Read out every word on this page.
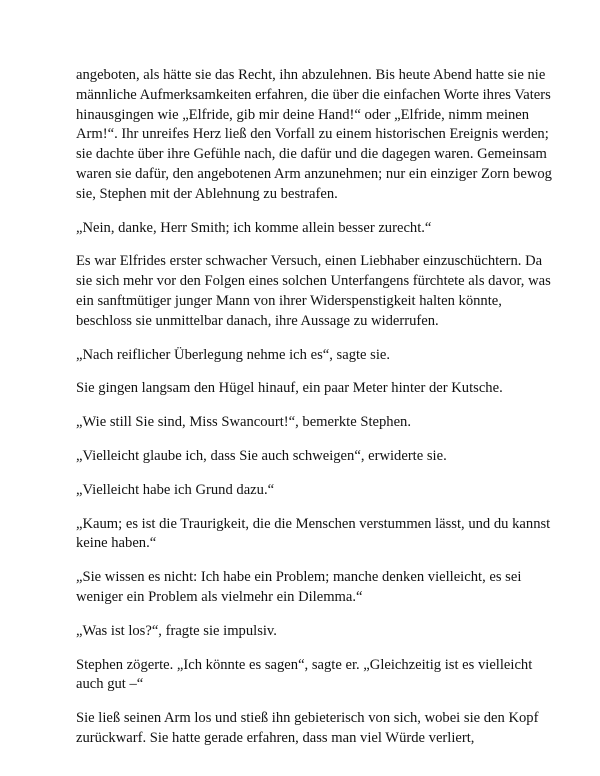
angeboten, als hätte sie das Recht, ihn abzulehnen. Bis heute Abend hatte sie nie männliche Aufmerksamkeiten erfahren, die über die einfachen Worte ihres Vaters hinausgingen wie „Elfride, gib mir deine Hand!“ oder „Elfride, nimm meinen Arm!“. Ihr unreifes Herz ließ den Vorfall zu einem historischen Ereignis werden; sie dachte über ihre Gefühle nach, die dafür und die dagegen waren. Gemeinsam waren sie dafür, den angebotenen Arm anzunehmen; nur ein einziger Zorn bewog sie, Stephen mit der Ablehnung zu bestrafen.

„Nein, danke, Herr Smith; ich komme allein besser zurecht.“

Es war Elfrides erster schwacher Versuch, einen Liebhaber einzuschüchtern. Da sie sich mehr vor den Folgen eines solchen Unterfangens fürchtete als davor, was ein sanftmütiger junger Mann von ihrer Widerspenstigkeit halten könnte, beschloss sie unmittelbar danach, ihre Aussage zu widerrufen.

„Nach reiflicher Überlegung nehme ich es“, sagte sie.

Sie gingen langsam den Hügel hinauf, ein paar Meter hinter der Kutsche.

„Wie still Sie sind, Miss Swancourt!“, bemerkte Stephen.

„Vielleicht glaube ich, dass Sie auch schweigen“, erwiderte sie.

„Vielleicht habe ich Grund dazu.“

„Kaum; es ist die Traurigkeit, die die Menschen verstummen lässt, und du kannst keine haben.“

„Sie wissen es nicht: Ich habe ein Problem; manche denken vielleicht, es sei weniger ein Problem als vielmehr ein Dilemma.“

„Was ist los?“, fragte sie impulsiv.

Stephen zögerte. „Ich könnte es sagen“, sagte er. „Gleichzeitig ist es vielleicht auch gut –“

Sie ließ seinen Arm los und stieß ihn gebieterisch von sich, wobei sie den Kopf zurückwarf. Sie hatte gerade erfahren, dass man viel Würde verliert,
